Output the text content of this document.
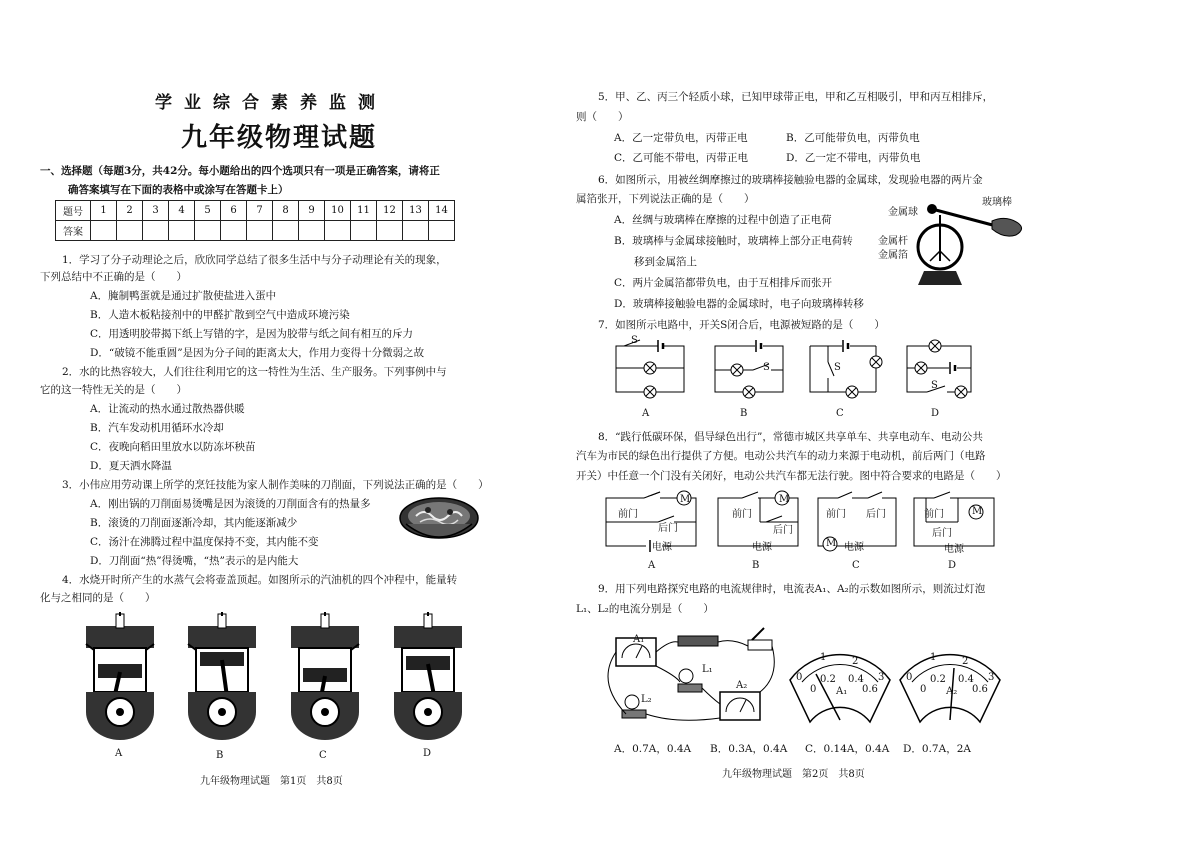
学业综合素养监测
九年级物理试题
一、选择题（每题3分，共42分。每小题给出的四个选项只有一项是正确答案，请将正
确答案填写在下面的表格中或涂写在答题卡上）
题号	1	2	3	4	5	6	7	8	9	10	11	12	13	14
答案														
1．学习了分子动理论之后，欣欣同学总结了很多生活中与分子动理论有关的现象，
下列总结中不正确的是（　　）
A．腌制鸭蛋就是通过扩散使盐进入蛋中
B．人造木板粘接剂中的甲醛扩散到空气中造成环境污染
C．用透明胶带揭下纸上写错的字，是因为胶带与纸之间有相互的斥力
D．“破镜不能重圆”是因为分子间的距离太大，作用力变得十分微弱之故
2．水的比热容较大，人们往往利用它的这一特性为生活、生产服务。下列事例中与
它的这一特性无关的是（　　）
A．让流动的热水通过散热器供暖
B．汽车发动机用循环水冷却
C．夜晚向稻田里放水以防冻坏秧苗
D．夏天洒水降温
3．小伟应用劳动课上所学的烹饪技能为家人制作美味的刀削面，下列说法正确的是（　　）
A．刚出锅的刀削面易烫嘴是因为滚烫的刀削面含有的热量多
B．滚烫的刀削面逐渐冷却，其内能逐渐减少
C．汤汁在沸腾过程中温度保持不变，其内能不变
D．刀削面“热”得烫嘴，“热”表示的是内能大
4．水烧开时所产生的水蒸气会将壶盖顶起。如图所示的汽油机的四个冲程中，能量转
化与之相同的是（　　）
A	B	C	D
九年级物理试题　第1页　共8页
5．甲、乙、丙三个轻质小球，已知甲球带正电，甲和乙互相吸引，甲和丙互相排斥，
则（　　）
A．乙一定带负电，丙带正电	B．乙可能带负电，丙带负电
C．乙可能不带电，丙带正电	D．乙一定不带电，丙带负电
6．如图所示，用被丝绸摩擦过的玻璃棒接触验电器的金属球，发现验电器的两片金
属箔张开，下列说法正确的是（　　）
A．丝绸与玻璃棒在摩擦的过程中创造了正电荷
B．玻璃棒与金属球接触时，玻璃棒上部分正电荷转
移到金属箔上
C．两片金属箔都带负电，由于互相排斥而张开
D．玻璃棒接触验电器的金属球时，电子向玻璃棒转移
金属球
玻璃棒
金属杆
金属箔
7．如图所示电路中，开关S闭合后，电源被短路的是（　　）
S
S	S
S
A	B	C	D
8．“践行低碳环保，倡导绿色出行”，常德市城区共享单车、共享电动车、电动公共
汽车为市民的绿色出行提供了方便。电动公共汽车的动力来源于电动机，前后两门（电路
开关）中任意一个门没有关闭好，电动公共汽车都无法行驶。图中符合要求的电路是（　　）
M
前门
后门
电源
M
前门
后门
电源	M
前门 后门
电源
M
前门
后门
电源
A	B	C	D
9．用下列电路探究电路的电流规律时，电流表A₁、A₂的示数如图所示，则流过灯泡
L₁、L₂的电流分别是（　　）
A₁
A₂
L₁
L₂
0
1	2
3
0
0.2 0.4
0.6
A₁
0
1	2
3
0
0.2 0.4
0.6
A₂
A．0.7A，0.4A B．0.3A，0.4A C．0.14A，0.4A D．0.7A，2A
九年级物理试题　第2页　共8页
